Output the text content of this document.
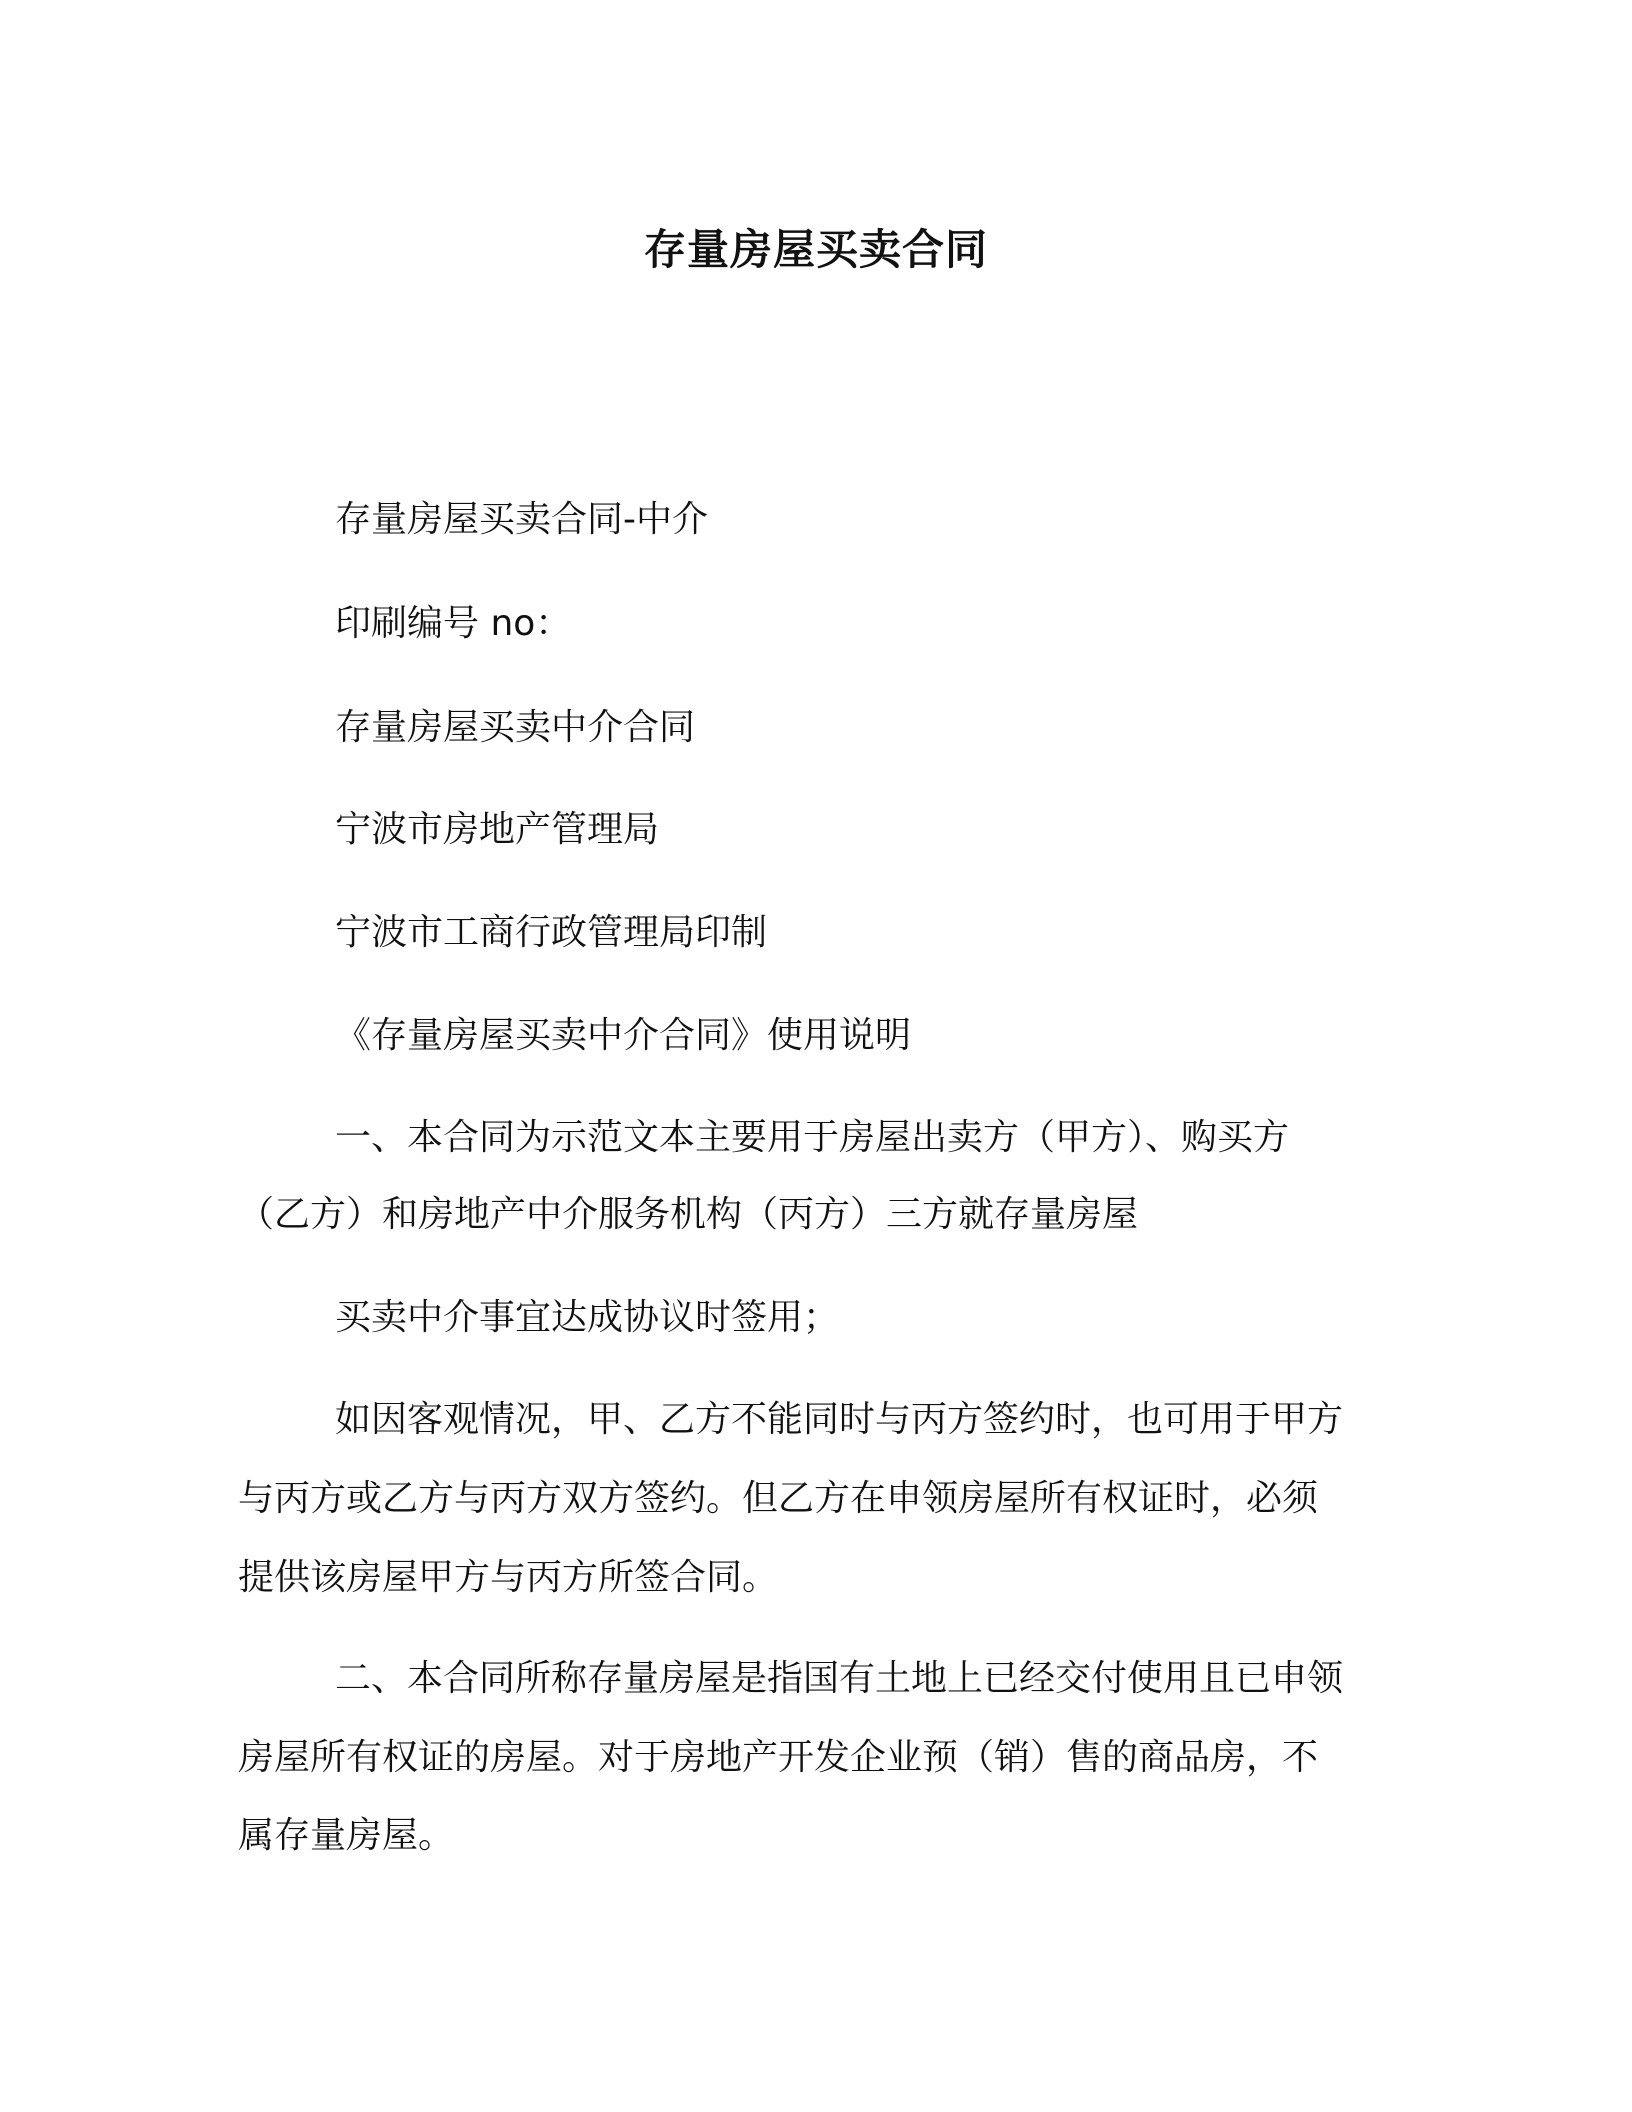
存量房屋买卖合同

存量房屋买卖合同-中介

印刷编号 no：

存量房屋买卖中介合同

宁波市房地产管理局

宁波市工商行政管理局印制

《存量房屋买卖中介合同》使用说明

一、本合同为示范文本主要用于房屋出卖方（甲方）、购买方

（乙方）和房地产中介服务机构（丙方）三方就存量房屋

买卖中介事宜达成协议时签用；

如因客观情况，甲、乙方不能同时与丙方签约时，也可用于甲方

与丙方或乙方与丙方双方签约。但乙方在申领房屋所有权证时，必须

提供该房屋甲方与丙方所签合同。

二、本合同所称存量房屋是指国有土地上已经交付使用且已申领

房屋所有权证的房屋。对于房地产开发企业预（销）售的商品房，不

属存量房屋。
